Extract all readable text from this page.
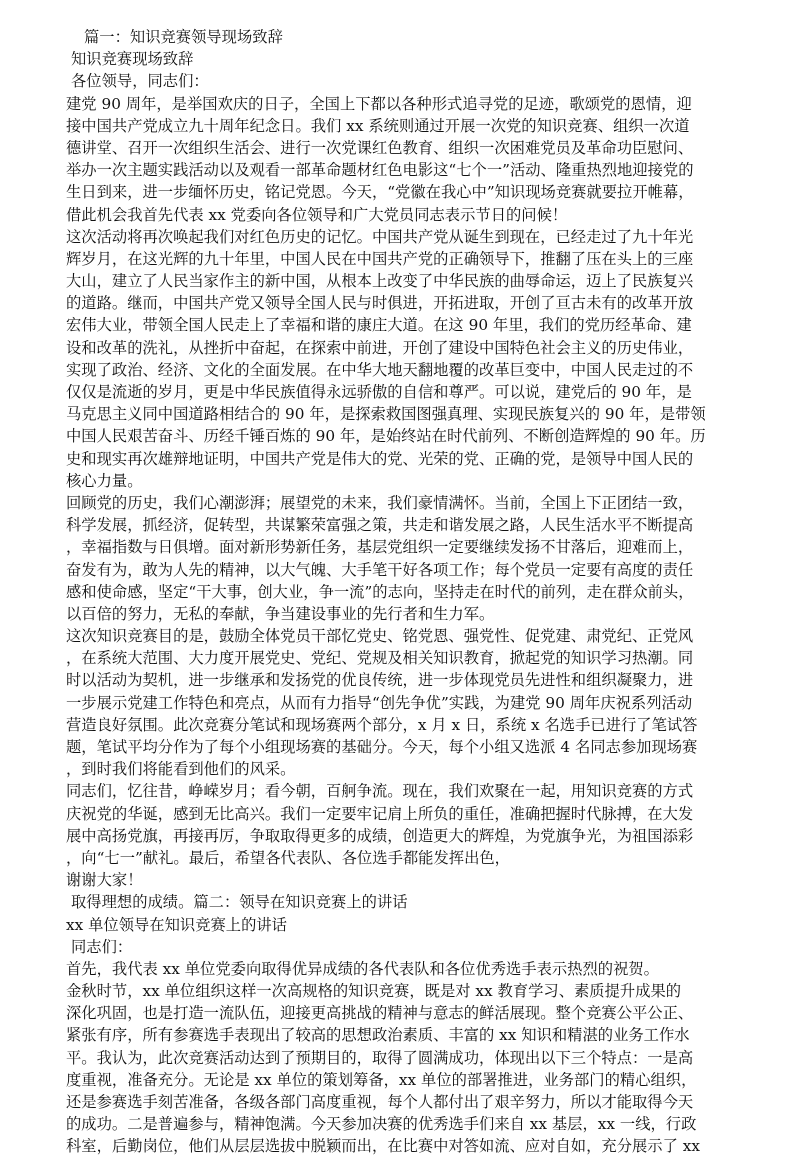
篇一：知识竞赛领导现场致辞
知识竞赛现场致辞
各位领导，同志们：
建党 90 周年，是举国欢庆的日子，全国上下都以各种形式追寻党的足迹，歌颂党的恩情，迎
接中国共产党成立九十周年纪念日。我们 xx 系统则通过开展一次党的知识竞赛、组织一次道
德讲堂、召开一次组织生活会、进行一次党课红色教育、组织一次困难党员及革命功臣慰问、
举办一次主题实践活动以及观看一部革命题材红色电影这“七个一”活动、隆重热烈地迎接党的
生日到来，进一步缅怀历史，铭记党恩。今天，“党徽在我心中”知识现场竞赛就要拉开帷幕，
借此机会我首先代表 xx 党委向各位领导和广大党员同志表示节日的问候！
这次活动将再次唤起我们对红色历史的记忆。中国共产党从诞生到现在，已经走过了九十年光
辉岁月，在这光辉的九十年里，中国人民在中国共产党的正确领导下，推翻了压在头上的三座
大山，建立了人民当家作主的新中国，从根本上改变了中华民族的曲辱命运，迈上了民族复兴
的道路。继而，中国共产党又领导全国人民与时俱进，开拓进取，开创了亘古未有的改革开放
宏伟大业，带领全国人民走上了幸福和谐的康庄大道。在这 90 年里，我们的党历经革命、建
设和改革的洗礼，从挫折中奋起，在探索中前进，开创了建设中国特色社会主义的历史伟业，
实现了政治、经济、文化的全面发展。在中华大地天翻地覆的改革巨变中，中国人民走过的不
仅仅是流逝的岁月，更是中华民族值得永远骄傲的自信和尊严。可以说，建党后的 90 年，是
马克思主义同中国道路相结合的 90 年，是探索救国图强真理、实现民族复兴的 90 年，是带领
中国人民艰苦奋斗、历经千锤百炼的 90 年，是始终站在时代前列、不断创造辉煌的 90 年。历
史和现实再次雄辩地证明，中国共产党是伟大的党、光荣的党、正确的党，是领导中国人民的
核心力量。
回顾党的历史，我们心潮澎湃；展望党的未来，我们豪情满怀。当前，全国上下正团结一致，
科学发展，抓经济，促转型，共谋繁荣富强之策，共走和谐发展之路，人民生活水平不断提高
，幸福指数与日俱增。面对新形势新任务，基层党组织一定要继续发扬不甘落后，迎难而上，
奋发有为，敢为人先的精神，以大气魄、大手笔干好各项工作；每个党员一定要有高度的责任
感和使命感，坚定“干大事，创大业，争一流”的志向，坚持走在时代的前列，走在群众前头，
以百倍的努力，无私的奉献，争当建设事业的先行者和生力军。
这次知识竞赛目的是，鼓励全体党员干部忆党史、铭党恩、强党性、促党建、肃党纪、正党风
，在系统大范围、大力度开展党史、党纪、党规及相关知识教育，掀起党的知识学习热潮。同
时以活动为契机，进一步继承和发扬党的优良传统，进一步体现党员先进性和组织凝聚力，进
一步展示党建工作特色和亮点，从而有力指导“创先争优”实践，为建党 90 周年庆祝系列活动
营造良好氛围。此次竞赛分笔试和现场赛两个部分，x 月 x 日，系统 x 名选手已进行了笔试答
题，笔试平均分作为了每个小组现场赛的基础分。今天，每个小组又选派 4 名同志参加现场赛
，到时我们将能看到他们的风采。
同志们，忆往昔，峥嵘岁月；看今朝，百舸争流。现在，我们欢聚在一起，用知识竞赛的方式
庆祝党的华诞，感到无比高兴。我们一定要牢记肩上所负的重任，准确把握时代脉搏，在大发
展中高扬党旗，再接再厉，争取取得更多的成绩，创造更大的辉煌，为党旗争光，为祖国添彩
，向“七一”献礼。最后，希望各代表队、各位选手都能发挥出色，
谢谢大家！
取得理想的成绩。篇二：领导在知识竞赛上的讲话
xx 单位领导在知识竞赛上的讲话
同志们：
首先，我代表 xx 单位党委向取得优异成绩的各代表队和各位优秀选手表示热烈的祝贺。
金秋时节，xx 单位组织这样一次高规格的知识竞赛，既是对 xx 教育学习、素质提升成果的
深化巩固，也是打造一流队伍，迎接更高挑战的精神与意志的鲜活展现。整个竞赛公平公正、
紧张有序，所有参赛选手表现出了较高的思想政治素质、丰富的 xx 知识和精湛的业务工作水
平。我认为，此次竞赛活动达到了预期目的，取得了圆满成功，体现出以下三个特点：一是高
度重视，准备充分。无论是 xx 单位的策划筹备，xx 单位的部署推进，业务部门的精心组织，
还是参赛选手刻苦准备，各级各部门高度重视，每个人都付出了艰辛努力，所以才能取得今天
的成功。二是普遍参与，精神饱满。今天参加决赛的优秀选手们来自 xx 基层，xx 一线，行政
科室，后勤岗位，他们从层层选拔中脱颖而出，在比赛中对答如流、应对自如，充分展示了 xx
